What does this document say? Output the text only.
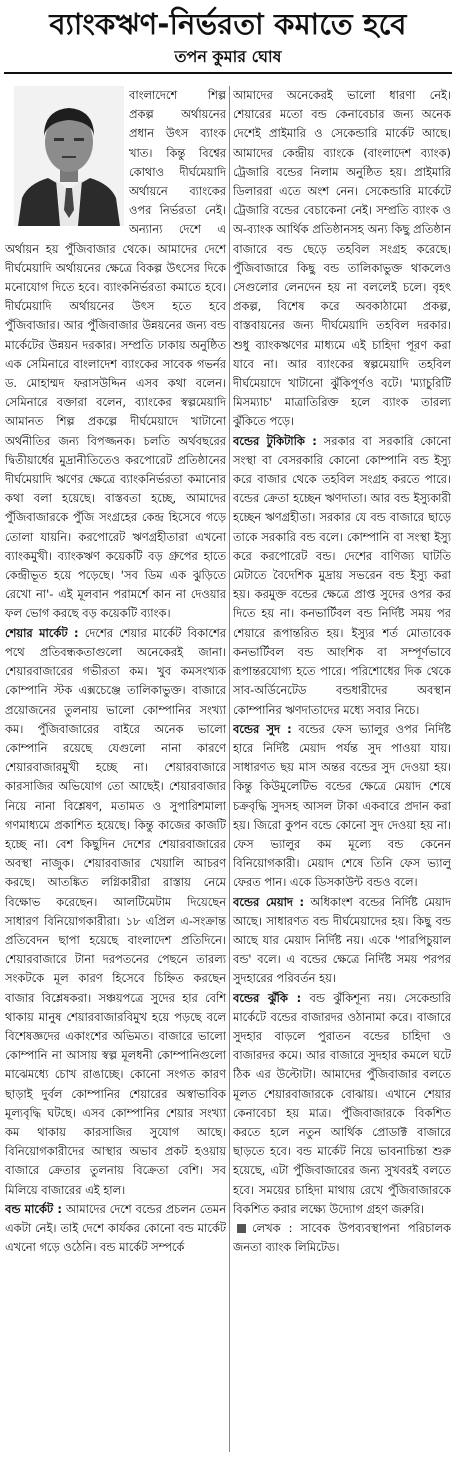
ব্যাংকঋণ-নির্ভরতা কমাতে হবে
তপন কুমার ঘোষ

বাংলাদেশে শিল্প প্রকল্প অর্থায়নের প্রধান উৎস ব্যাংক খাত। কিন্তু বিশ্বের কোথাও দীর্ঘমেয়াদি অর্থায়নে ব্যাংকের ওপর নির্ভরতা নেই। অন্যান্য দেশে এ অর্থায়ন হয় পুঁজিবাজার থেকে। আমাদের দেশে দীর্ঘমেয়াদি অর্থায়নের ক্ষেত্রে বিকল্প উৎসের দিকে মনোযোগ দিতে হবে। ব্যাংকনির্ভরতা কমাতে হবে। দীর্ঘমেয়াদি অর্থায়নের উৎস হতে হবে পুঁজিবাজার। আর পুঁজিবাজার উন্নয়নের জন্য বন্ড মার্কেটের উন্নয়ন দরকার। সম্প্রতি ঢাকায় অনুষ্ঠিত এক সেমিনারে বাংলাদেশ ব্যাংকের সাবেক গভর্নর ড. মোহাম্মদ ফরাসউদ্দিন এসব কথা বলেন। সেমিনারে বক্তারা বলেন, ব্যাংকের স্বল্পমেয়াদি আমানত শিল্প প্রকল্পে দীর্ঘমেয়াদে খাটানো অর্থনীতির জন্য বিপজ্জনক। চলতি অর্থবছরের দ্বিতীয়ার্ধের মুদ্রানীতিতেও করপোরেট প্রতিষ্ঠানের দীর্ঘমেয়াদি ঋণের ক্ষেত্রে ব্যাংকনির্ভরতা কমানোর কথা বলা হয়েছে। বাস্তবতা হচ্ছে, আমাদের পুঁজিবাজারকে পুঁজি সংগ্রহের কেন্দ্র হিসেবে গড়ে তোলা যায়নি। করপোরেট ঋণগ্রহীতারা এখনো ব্যাংকমুখী। ব্যাংকঋণ কয়েকটি বড় গ্রুপের হাতে কেন্দ্রীভূত হয়ে পড়েছে। 'সব ডিম এক ঝুড়িতে রেখো না'- এই মূলবান পরামর্শে কান না দেওয়ার ফল ভোগ করছে বড় কয়েকটি ব্যাংক।

শেয়ার মার্কেট : দেশের শেয়ার মার্কেট বিকাশের পথে প্রতিবন্ধকতাগুলো অনেকেরই জানা। শেয়ারবাজারের গভীরতা কম। খুব কমসংখ্যক কোম্পানি স্টক এক্সচেঞ্জে তালিকাভুক্ত। বাজারে প্রয়োজনের তুলনায় ভালো কোম্পানির সংখ্যা কম। পুঁজিবাজারের বাইরে অনেক ভালো কোম্পানি রয়েছে যেগুলো নানা কারণে শেয়ারবাজারমুখী হচ্ছে না। শেয়ারবাজারে কারসাজির অভিযোগ তো আছেই। শেয়ারবাজার নিয়ে নানা বিশ্লেষণ, মতামত ও সুপারিশমালা গণমাধ্যমে প্রকাশিত হয়েছে। কিন্তু কাজের কাজটি হচ্ছে না। বেশ কিছুদিন দেশের শেয়ারবাজারের অবস্থা নাজুক। শেয়ারবাজার খেয়ালি আচরণ করছে। আতঙ্কিত লগ্নিকারীরা রাস্তায় নেমে বিক্ষোভ করেছেন। আলটিমেটাম দিয়েছেন সাধারণ বিনিয়োগকারীরা। ১৮ এপ্রিল এ-সংক্রান্ত প্রতিবেদন ছাপা হয়েছে বাংলাদেশ প্রতিদিনে। শেয়ারবাজারে টানা দরপতনের পেছনে তারল্য সংকটকে মূল কারণ হিসেবে চিহ্নিত করছেন বাজার বিশ্লেষকরা। সঞ্চয়পত্রে সুদের হার বেশি থাকায় মানুষ শেয়ারবাজারবিমুখ হয়ে পড়ছে বলে বিশেষজ্ঞদের একাংশের অভিমত। বাজারে ভালো কোম্পানি না আসায় স্বল্প মূলধনী কোম্পানিগুলো মাঝেমধ্যে চোখ রাঙাচ্ছে। কোনো সংগত কারণ ছাড়াই দুর্বল কোম্পানির শেয়ারের অস্বাভাবিক মূল্যবৃদ্ধি ঘটছে। এসব কোম্পানির শেয়ার সংখ্যা কম থাকায় কারসাজির সুযোগ আছে। বিনিয়োগকারীদের আস্থার অভাব প্রকট হওয়ায় বাজারে ক্রেতার তুলনায় বিক্রেতা বেশি। সব মিলিয়ে বাজারের এই হাল।

বন্ড মার্কেট : আমাদের দেশে বন্ডের প্রচলন তেমন একটা নেই। তাই দেশে কার্যকর কোনো বন্ড মার্কেট এখনো গড়ে ওঠেনি। বন্ড মার্কেট সম্পর্কে

আমাদের অনেকেরই ভালো ধারণা নেই। শেয়ারের মতো বন্ড কেনাবেচার জন্য অনেক দেশেই প্রাইমারি ও সেকেন্ডারি মার্কেট আছে। আমাদের কেন্দ্রীয় ব্যাংকে (বাংলাদেশ ব্যাংক) ট্রেজারি বন্ডের নিলাম অনুষ্ঠিত হয়। প্রাইমারি ডিলাররা এতে অংশ নেন। সেকেন্ডারি মার্কেটে ট্রেজারি বন্ডের বেচাকেনা নেই। সম্প্রতি ব্যাংক ও অ-ব্যাংক আর্থিক প্রতিষ্ঠানসহ অন্য কিছু প্রতিষ্ঠান বাজারে বন্ড ছেড়ে তহবিল সংগ্রহ করেছে। পুঁজিবাজারে কিছু বন্ড তালিকাভুক্ত থাকলেও সেগুলোর লেনদেন হয় না বললেই চলে। বৃহৎ প্রকল্প, বিশেষ করে অবকাঠামো প্রকল্প, বাস্তবায়নের জন্য দীর্ঘমেয়াদি তহবিল দরকার। শুধু ব্যাংকঋণের মাধ্যমে এই চাহিদা পূরণ করা যাবে না। আর ব্যাংকের স্বল্পমেয়াদি তহবিল দীর্ঘমেয়াদে খাটানো ঝুঁকিপূর্ণও বটে। 'ম্যাচুরিটি মিসম্যাচ' মাত্রাতিরিক্ত হলে ব্যাংক তারল্য ঝুঁকিতে পড়ে।

বন্ডের টুকিটাকি : সরকার বা সরকারি কোনো সংস্থা বা বেসরকারি কোনো কোম্পানি বন্ড ইস্যু করে বাজার থেকে তহবিল সংগ্রহ করতে পারে। বন্ডের ক্রেতা হচ্ছেন ঋণদাতা। আর বন্ড ইস্যুকারী হচ্ছেন ঋণগ্রহীতা। সরকার যে বন্ড বাজারে ছাড়ে তাকে সরকারি বন্ড বলে। কোম্পানি বা সংস্থা ইস্যু করে করপোরেট বন্ড। দেশের বাণিজ্য ঘাটতি মেটাতে বৈদেশিক মুদ্রায় সভরেন বন্ড ইস্যু করা হয়। করমুক্ত বন্ডের ক্ষেত্রে প্রাপ্ত সুদের ওপর কর দিতে হয় না। কনভার্টিবল বন্ড নির্দিষ্ট সময় পর শেয়ারে রূপান্তরিত হয়। ইস্যুর শর্ত মোতাবেক কনভার্টিবল বন্ড আংশিক বা সম্পূর্ণভাবে রূপান্তরযোগ্য হতে পারে। পরিশোধের দিক থেকে সাব-অর্ডিনেটেড বন্ডধারীদের অবস্থান কোম্পানির ঋণদাতাদের মধ্যে সবার নিচে।

বন্ডের সুদ : বন্ডের ফেস ভ্যালুর ওপর নির্দিষ্ট হারে নির্দিষ্ট মেয়াদ পর্যন্ত সুদ পাওয়া যায়। সাধারণত ছয় মাস অন্তর বন্ডের সুদ দেওয়া হয়। কিন্তু কিউমুলেটিভ বন্ডের ক্ষেত্রে মেয়াদ শেষে চক্রবৃদ্ধি সুদসহ আসল টাকা একবারে প্রদান করা হয়। জিরো কুপন বন্ডে কোনো সুদ দেওয়া হয় না। ফেস ভ্যালুর কম মূল্যে বন্ড কেনেন বিনিয়োগকারী। মেয়াদ শেষে তিনি ফেস ভ্যালু ফেরত পান। একে ডিসকাউন্ট বন্ডও বলে।

বন্ডের মেয়াদ : অধিকাংশ বন্ডের নির্দিষ্ট মেয়াদ আছে। সাধারণত বন্ড দীর্ঘমেয়াদের হয়। কিছু বন্ড আছে যার মেয়াদ নির্দিষ্ট নয়। একে 'পারপিচুয়াল বন্ড' বলে। এ বন্ডের ক্ষেত্রে নির্দিষ্ট সময় পরপর সুদহারের পরিবর্তন হয়।

বন্ডের ঝুঁকি : বন্ড ঝুঁকিশূন্য নয়। সেকেন্ডারি মার্কেটে বন্ডের বাজারদর ওঠানামা করে। বাজারে সুদহার বাড়লে পুরাতন বন্ডের চাহিদা ও বাজারদর কমে। আর বাজারে সুদহার কমলে ঘটে ঠিক এর উল্টোটা। আমাদের পুঁজিবাজার বলতে মূলত শেয়ারবাজারকে বোঝায়। এখানে শেয়ার কেনাবেচা হয় মাত্র। পুঁজিবাজারকে বিকশিত করতে হলে নতুন আর্থিক প্রোডাক্ট বাজারে ছাড়তে হবে। বন্ড মার্কেট নিয়ে ভাবনাচিন্তা শুরু হয়েছে, এটা পুঁজিবাজারের জন্য সুখবরই বলতে হবে। সময়ের চাহিদা মাথায় রেখে পুঁজিবাজারকে বিকশিত করার লক্ষ্যে উদ্যোগ গ্রহণ জরুরি।

লেখক : সাবেক উপব্যবস্থাপনা পরিচালক জনতা ব্যাংক লিমিটেড।
